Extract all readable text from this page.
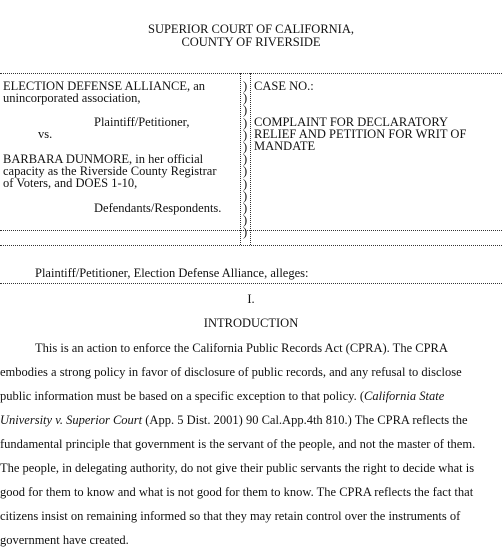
SUPERIOR COURT OF CALIFORNIA,
COUNTY OF RIVERSIDE
ELECTION DEFENSE ALLIANCE, an
unincorporated association,
Plaintiff/Petitioner,
vs.
BARBARA DUNMORE, in her official
capacity as the Riverside County Registrar
of Voters, and DOES 1-10,
Defendants/Respondents.
)
)
)
)
)
)
)
)
)
)
)
)
)
CASE NO.:
COMPLAINT FOR DECLARATORY
RELIEF AND PETITION FOR WRIT OF
MANDATE
Plaintiff/Petitioner, Election Defense Alliance, alleges:
I.
INTRODUCTION
This is an action to enforce the California Public Records Act (CPRA). The CPRA
embodies a strong policy in favor of disclosure of public records, and any refusal to disclose
public information must be based on a specific exception to that policy. (California State
University v. Superior Court (App. 5 Dist. 2001) 90 Cal.App.4th 810.) The CPRA reflects the
fundamental principle that government is the servant of the people, and not the master of them.
The people, in delegating authority, do not give their public servants the right to decide what is
good for them to know and what is not good for them to know. The CPRA reflects the fact that
citizens insist on remaining informed so that they may retain control over the instruments of
government have created.
